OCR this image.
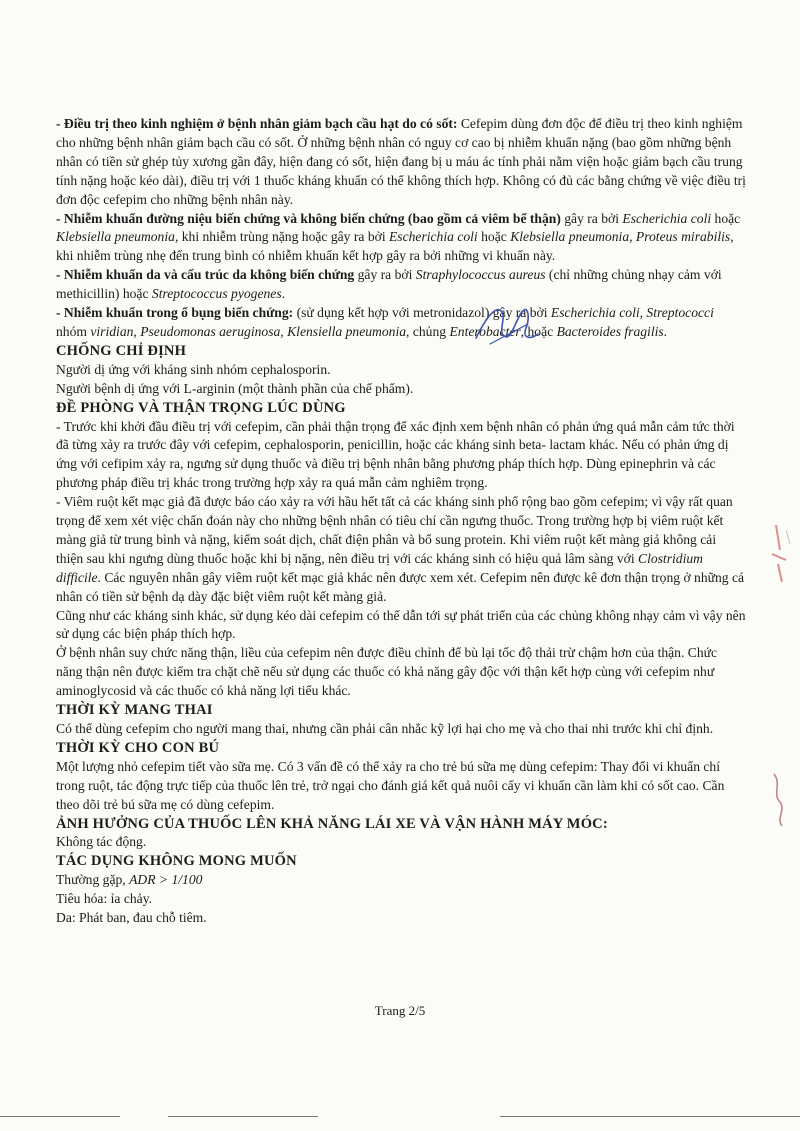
- Điều trị theo kinh nghiệm ở bệnh nhân giảm bạch cầu hạt do có sốt: Cefepim dùng đơn độc để điều trị theo kinh nghiệm cho những bệnh nhân giảm bạch cầu có sốt. Ở những bệnh nhân có nguy cơ cao bị nhiễm khuẩn nặng (bao gồm những bệnh nhân có tiền sử ghép tủy xương gần đây, hiện đang có sốt, hiện đang bị u máu ác tính phải nằm viện hoặc giảm bạch cầu trung tính nặng hoặc kéo dài), điều trị với 1 thuốc kháng khuẩn có thể không thích hợp. Không có đủ các bằng chứng về việc điều trị đơn độc cefepim cho những bệnh nhân này.

- Nhiễm khuẩn đường niệu biến chứng và không biến chứng (bao gồm cả viêm bể thận) gây ra bởi Escherichia coli hoặc Klebsiella pneumonia, khi nhiễm trùng nặng hoặc gây ra bởi Escherichia coli hoặc Klebsiella pneumonia, Proteus mirabilis, khi nhiễm trùng nhẹ đến trung bình có nhiễm khuẩn kết hợp gây ra bởi những vi khuẩn này.

- Nhiễm khuẩn da và cấu trúc da không biến chứng gây ra bởi Straphylococcus aureus (chỉ những chủng nhạy cảm với methicillin) hoặc Streptococcus pyogenes.

- Nhiễm khuẩn trong ổ bụng biến chứng: (sử dụng kết hợp với metronidazol) gây ra bởi Escherichia coli, Streptococci nhóm viridian, Pseudomonas aeruginosa, Klensiella pneumonia, chủng Enterobacter, hoặc Bacteroides fragilis.

CHỐNG CHỈ ĐỊNH

Người dị ứng với kháng sinh nhóm cephalosporin.

Người bệnh dị ứng với L-arginin (một thành phần của chế phẩm).

ĐỀ PHÒNG VÀ THẬN TRỌNG LÚC DÙNG

- Trước khi khởi đầu điều trị với cefepim, cần phải thận trọng để xác định xem bệnh nhân có phản ứng quá mẫn cảm tức thời đã từng xảy ra trước đây với cefepim, cephalosporin, penicillin, hoặc các kháng sinh beta- lactam khác. Nếu có phản ứng dị ứng với cefipim xảy ra, ngưng sử dụng thuốc và điều trị bệnh nhân bằng phương pháp thích hợp. Dùng epinephrin và các phương pháp điều trị khác trong trường hợp xảy ra quá mẫn cảm nghiêm trọng.

- Viêm ruột kết mạc giả đã được báo cáo xảy ra với hầu hết tất cả các kháng sinh phổ rộng bao gồm cefepim; vì vậy rất quan trọng để xem xét việc chẩn đoán này cho những bệnh nhân có tiêu chí cần ngưng thuốc. Trong trường hợp bị viêm ruột kết màng giả từ trung bình và nặng, kiểm soát dịch, chất điện phân và bổ sung protein. Khi viêm ruột kết màng giả không cải thiện sau khi ngưng dùng thuốc hoặc khi bị nặng, nên điều trị với các kháng sinh có hiệu quả lâm sàng với Clostridium difficile. Các nguyên nhân gây viêm ruột kết mạc giả khác nên được xem xét. Cefepim nên được kê đơn thận trọng ở những cá nhân có tiền sử bệnh dạ dày đặc biệt viêm ruột kết màng giả.

Cũng như các kháng sinh khác, sử dụng kéo dài cefepim có thể dẫn tới sự phát triển của các chủng không nhạy cảm vì vậy nên sử dụng các biện pháp thích hợp.

Ở bệnh nhân suy chức năng thận, liều của cefepim nên được điều chỉnh để bù lại tốc độ thải trừ chậm hơn của thận. Chức năng thận nên được kiểm tra chặt chẽ nếu sử dụng các thuốc có khả năng gây độc với thận kết hợp cùng với cefepim như aminoglycosid và các thuốc có khả năng lợi tiểu khác.

THỜI KỲ MANG THAI

Có thể dùng cefepim cho người mang thai, nhưng cần phải cân nhắc kỹ lợi hại cho mẹ và cho thai nhi trước khi chỉ định.

THỜI KỲ CHO CON BÚ

Một lượng nhỏ cefepim tiết vào sữa mẹ. Có 3 vấn đề có thể xảy ra cho trẻ bú sữa mẹ dùng cefepim: Thay đổi vi khuẩn chí trong ruột, tác động trực tiếp của thuốc lên trẻ, trở ngại cho đánh giá kết quả nuôi cấy vi khuẩn cần làm khi có sốt cao. Cần theo dõi trẻ bú sữa mẹ có dùng cefepim.

ẢNH HƯỞNG CỦA THUỐC LÊN KHẢ NĂNG LÁI XE VÀ VẬN HÀNH MÁY MÓC:

Không tác động.

TÁC DỤNG KHÔNG MONG MUỐN

Thường gặp, ADR > 1/100

Tiêu hóa: ỉa chảy.

Da: Phát ban, đau chỗ tiêm.

Trang 2/5
